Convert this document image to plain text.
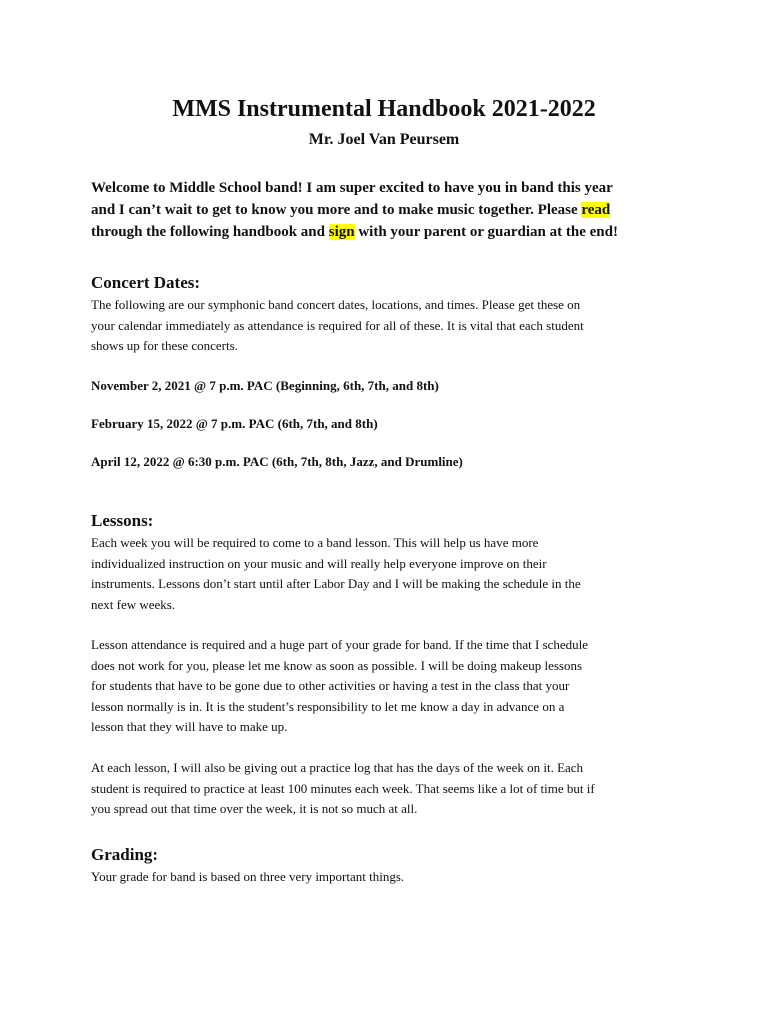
MMS Instrumental Handbook 2021-2022
Mr. Joel Van Peursem
Welcome to Middle School band! I am super excited to have you in band this year
and I can’t wait to get to know you more and to make music together. Please read
through the following handbook and sign with your parent or guardian at the end!
Concert Dates:
The following are our symphonic band concert dates, locations, and times. Please get these on
your calendar immediately as attendance is required for all of these. It is vital that each student
shows up for these concerts.
November 2, 2021 @ 7 p.m. PAC (Beginning, 6th, 7th, and 8th)
February 15, 2022 @ 7 p.m. PAC (6th, 7th, and 8th)
April 12, 2022 @ 6:30 p.m. PAC (6th, 7th, 8th, Jazz, and Drumline)
Lessons:
Each week you will be required to come to a band lesson. This will help us have more
individualized instruction on your music and will really help everyone improve on their
instruments. Lessons don’t start until after Labor Day and I will be making the schedule in the
next few weeks.
Lesson attendance is required and a huge part of your grade for band. If the time that I schedule
does not work for you, please let me know as soon as possible. I will be doing makeup lessons
for students that have to be gone due to other activities or having a test in the class that your
lesson normally is in. It is the student’s responsibility to let me know a day in advance on a
lesson that they will have to make up.
At each lesson, I will also be giving out a practice log that has the days of the week on it. Each
student is required to practice at least 100 minutes each week. That seems like a lot of time but if
you spread out that time over the week, it is not so much at all.
Grading:
Your grade for band is based on three very important things.
